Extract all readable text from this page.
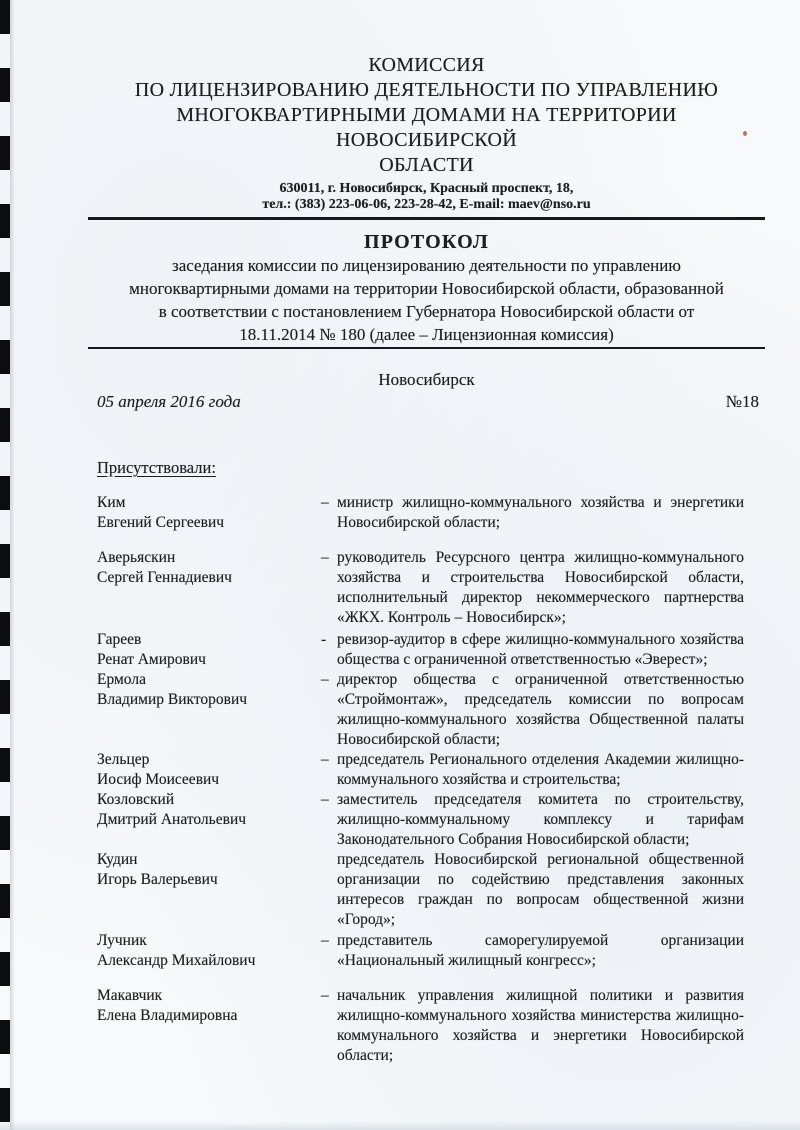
КОМИССИЯ
ПО ЛИЦЕНЗИРОВАНИЮ ДЕЯТЕЛЬНОСТИ ПО УПРАВЛЕНИЮ
МНОГОКВАРТИРНЫМИ ДОМАМИ НА ТЕРРИТОРИИ НОВОСИБИРСКОЙ
ОБЛАСТИ
630011, г. Новосибирск, Красный проспект, 18,
тел.: (383) 223-06-06, 223-28-42, E-mail: maev@nso.ru
ПРОТОКОЛ
заседания комиссии по лицензированию деятельности по управлению
многоквартирными домами на территории Новосибирской области, образованной
в соответствии с постановлением Губернатора Новосибирской области от
18.11.2014 № 180 (далее – Лицензионная комиссия)
Новосибирск
05 апреля 2016 года	№18
Присутствовали:
Ким
Евгений Сергеевич
– министр жилищно-коммунального хозяйства и энергетики Новосибирской области;
Аверьяскин
Сергей Геннадиевич
– руководитель Ресурсного центра жилищно-коммунального хозяйства и строительства Новосибирской области, исполнительный директор некоммерческого партнерства «ЖКХ. Контроль – Новосибирск»;
Гареев
Ренат Амирович
- ревизор-аудитор в сфере жилищно-коммунального хозяйства общества с ограниченной ответственностью «Эверест»;
Ермола
Владимир Викторович
– директор общества с ограниченной ответственностью «Строймонтаж», председатель комиссии по вопросам жилищно-коммунального хозяйства Общественной палаты Новосибирской области;
Зельцер
Иосиф Моисеевич
– председатель Регионального отделения Академии жилищно-коммунального хозяйства и строительства;
Козловский
Дмитрий Анатольевич
– заместитель председателя комитета по строительству, жилищно-коммунальному комплексу и тарифам Законодательного Собрания Новосибирской области;
Кудин
Игорь Валерьевич
председатель Новосибирской региональной общественной организации по содействию представления законных интересов граждан по вопросам общественной жизни «Город»;
Лучник
Александр Михайлович
– представитель саморегулируемой организации «Национальный жилищный конгресс»;
Макавчик
Елена Владимировна
– начальник управления жилищной политики и развития жилищно-коммунального хозяйства министерства жилищно-коммунального хозяйства и энергетики Новосибирской области;
